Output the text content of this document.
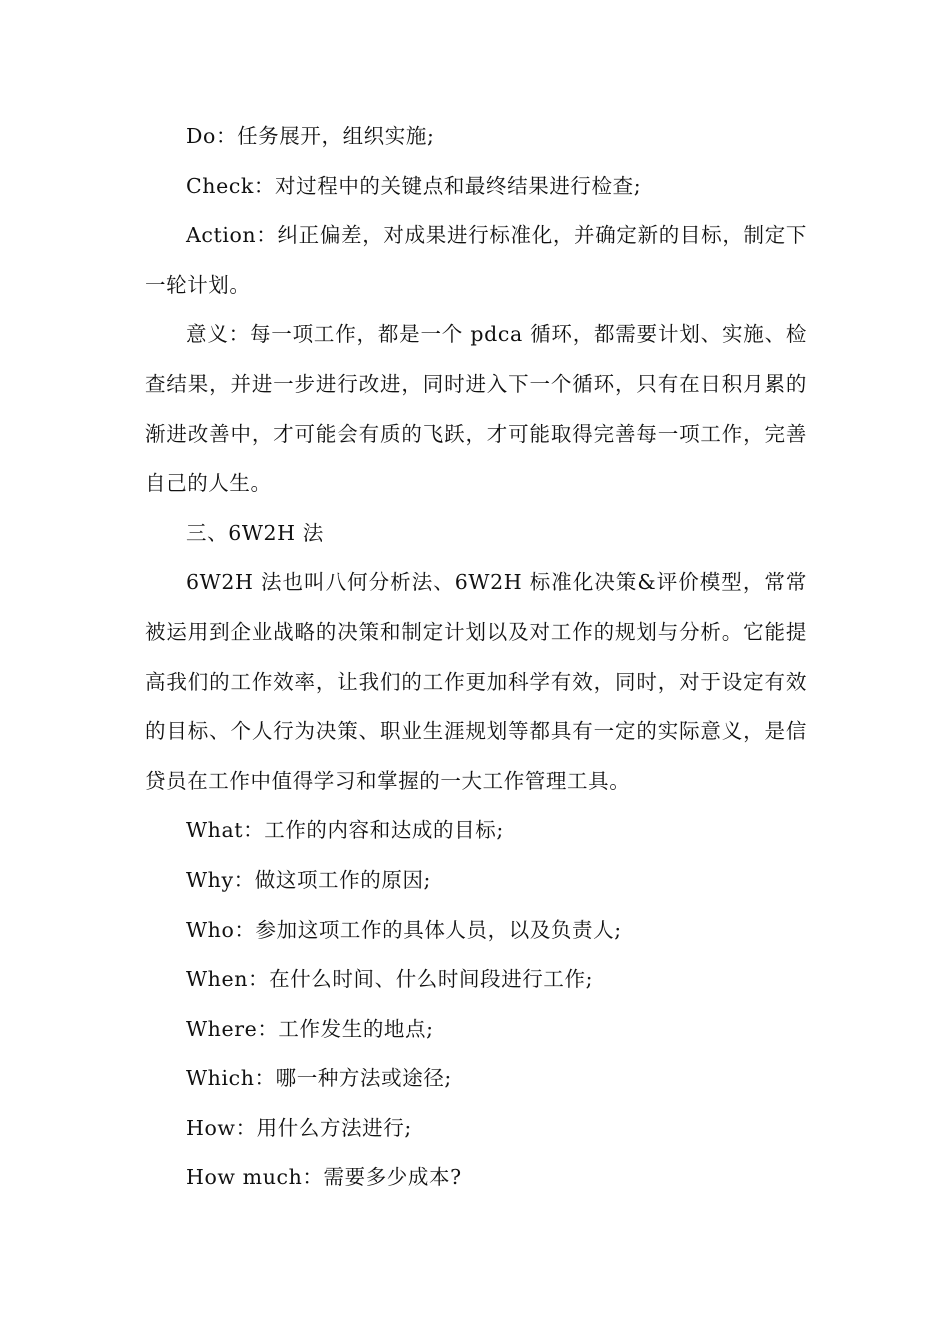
Do：任务展开，组织实施;

Check：对过程中的关键点和最终结果进行检查;

Action：纠正偏差，对成果进行标准化，并确定新的目标，制定下一轮计划。

意义：每一项工作，都是一个 pdca 循环，都需要计划、实施、检查结果，并进一步进行改进，同时进入下一个循环，只有在日积月累的渐进改善中，才可能会有质的飞跃，才可能取得完善每一项工作，完善自己的人生。

三、6W2H 法

6W2H 法也叫八何分析法、6W2H 标准化决策&评价模型，常常被运用到企业战略的决策和制定计划以及对工作的规划与分析。它能提高我们的工作效率，让我们的工作更加科学有效，同时，对于设定有效的目标、个人行为决策、职业生涯规划等都具有一定的实际意义，是信贷员在工作中值得学习和掌握的一大工作管理工具。

What：工作的内容和达成的目标;

Why：做这项工作的原因;

Who：参加这项工作的具体人员，以及负责人;

When：在什么时间、什么时间段进行工作;

Where：工作发生的地点;

Which：哪一种方法或途径;

How：用什么方法进行;

How much：需要多少成本?
